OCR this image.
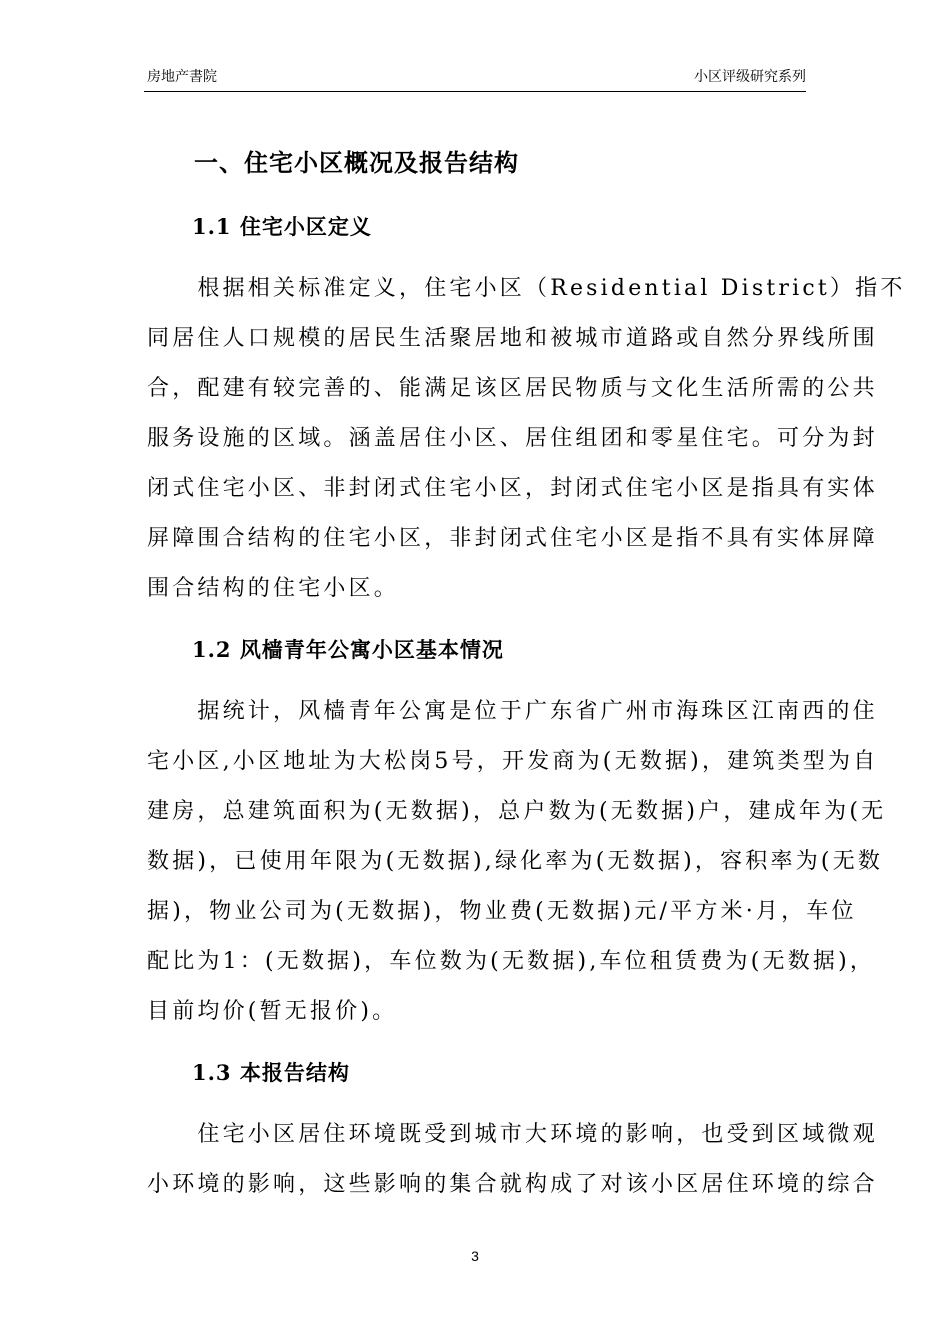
房地产書院	小区评级研究系列
一、住宅小区概况及报告结构
1.1 住宅小区定义
　　根据相关标准定义，住宅小区（Residential District）指不
同居住人口规模的居民生活聚居地和被城市道路或自然分界线所围
合，配建有较完善的、能满足该区居民物质与文化生活所需的公共
服务设施的区域。涵盖居住小区、居住组团和零星住宅。可分为封
闭式住宅小区、非封闭式住宅小区，封闭式住宅小区是指具有实体
屏障围合结构的住宅小区，非封闭式住宅小区是指不具有实体屏障
围合结构的住宅小区。
1.2 风樯青年公寓小区基本情况
　　据统计，风樯青年公寓是位于广东省广州市海珠区江南西的住
宅小区,小区地址为大松岗5号，开发商为(无数据)，建筑类型为自
建房，总建筑面积为(无数据)，总户数为(无数据)户，建成年为(无
数据)，已使用年限为(无数据),绿化率为(无数据)，容积率为(无数
据)，物业公司为(无数据)，物业费(无数据)元/平方米·月，车位
配比为1：(无数据)，车位数为(无数据),车位租赁费为(无数据)，
目前均价(暂无报价)。
1.3 本报告结构
　　住宅小区居住环境既受到城市大环境的影响，也受到区域微观
小环境的影响，这些影响的集合就构成了对该小区居住环境的综合
3
